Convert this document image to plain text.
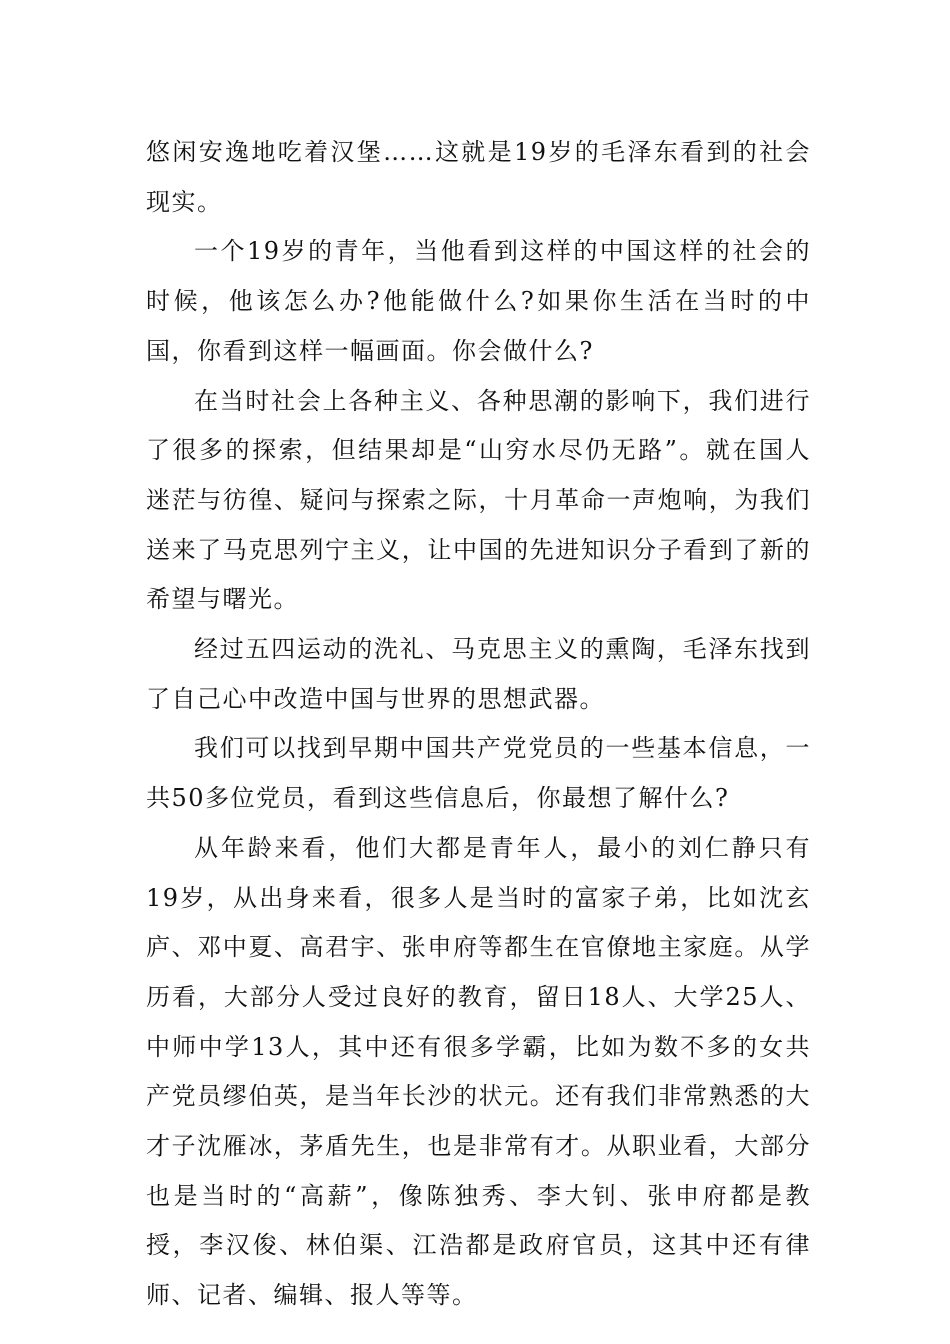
悠闲安逸地吃着汉堡……这就是19岁的毛泽东看到的社会现实。

一个19岁的青年，当他看到这样的中国这样的社会的时候，他该怎么办?他能做什么?如果你生活在当时的中国，你看到这样一幅画面。你会做什么?

在当时社会上各种主义、各种思潮的影响下，我们进行了很多的探索，但结果却是“山穷水尽仍无路”。就在国人迷茫与彷徨、疑问与探索之际，十月革命一声炮响，为我们送来了马克思列宁主义，让中国的先进知识分子看到了新的希望与曙光。

经过五四运动的洗礼、马克思主义的熏陶，毛泽东找到了自己心中改造中国与世界的思想武器。

我们可以找到早期中国共产党党员的一些基本信息，一共50多位党员，看到这些信息后，你最想了解什么?

从年龄来看，他们大都是青年人，最小的刘仁静只有19岁，从出身来看，很多人是当时的富家子弟，比如沈玄庐、邓中夏、高君宇、张申府等都生在官僚地主家庭。从学历看，大部分人受过良好的教育，留日18人、大学25人、中师中学13人，其中还有很多学霸，比如为数不多的女共产党员缪伯英，是当年长沙的状元。还有我们非常熟悉的大才子沈雁冰，茅盾先生，也是非常有才。从职业看，大部分也是当时的“高薪”，像陈独秀、李大钊、张申府都是教授，李汉俊、林伯渠、江浩都是政府官员，这其中还有律师、记者、编辑、报人等等。
